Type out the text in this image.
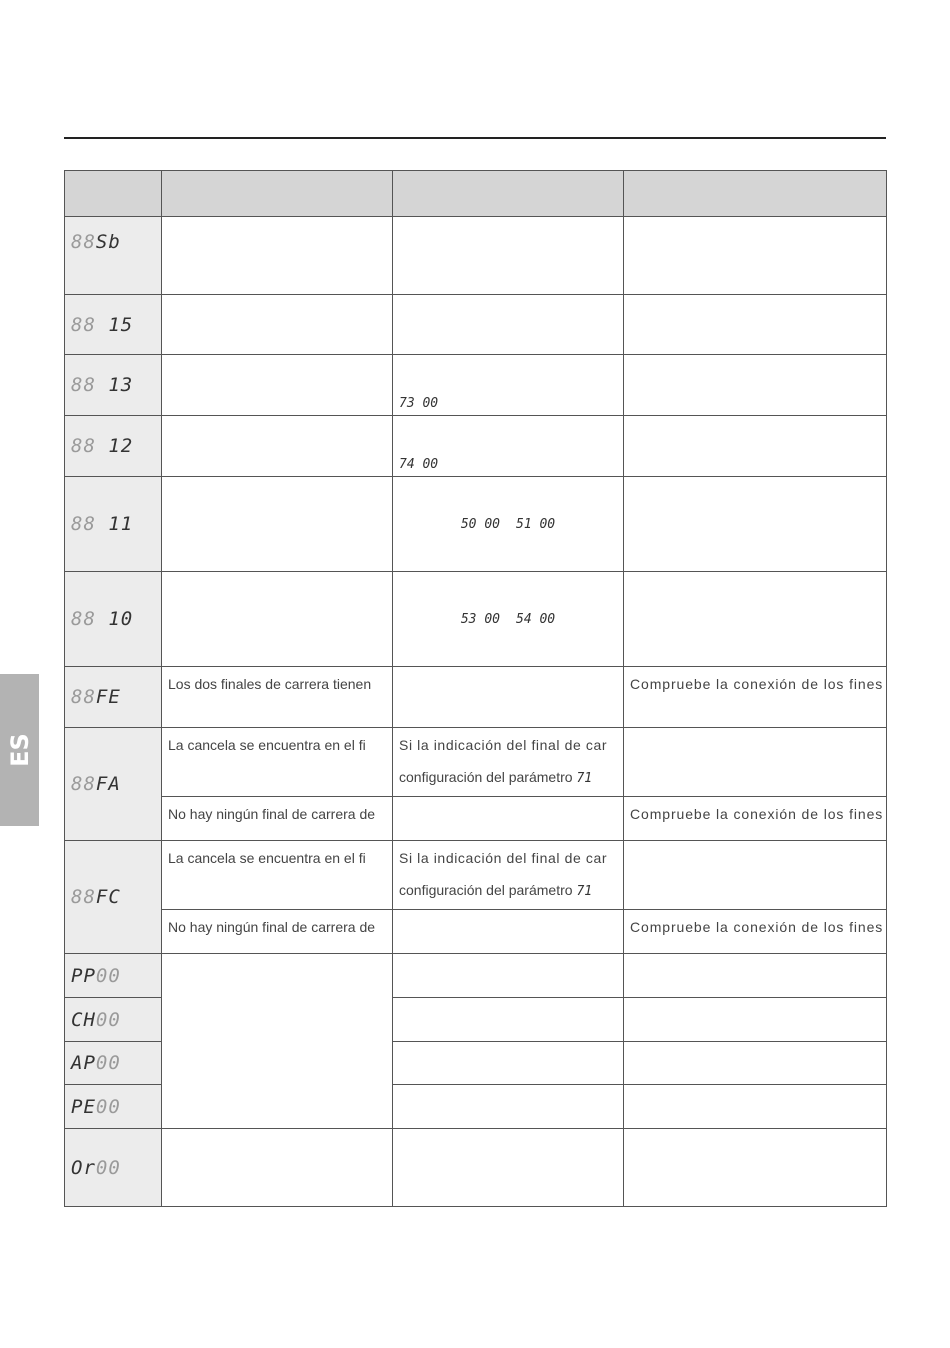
ES

88Sb			
88 15			
88 13		73 00	

88 12		74 00	

88 11		50 00 51 00	
88 10		53 00 54 00	
88FE	Los dos finales de carrera tienen		Compruebe la conexión de los fines

88FA	La cancela se encuentra en el fi	Si la indicación del final de car
configuración del parámetro 71	

	No hay ningún final de carrera de		Compruebe la conexión de los fines

88FC	La cancela se encuentra en el fi	Si la indicación del final de car
configuración del parámetro 71	

	No hay ningún final de carrera de		Compruebe la conexión de los fines

PP00			
CH00			
AP00			
PE00			
Or00			
